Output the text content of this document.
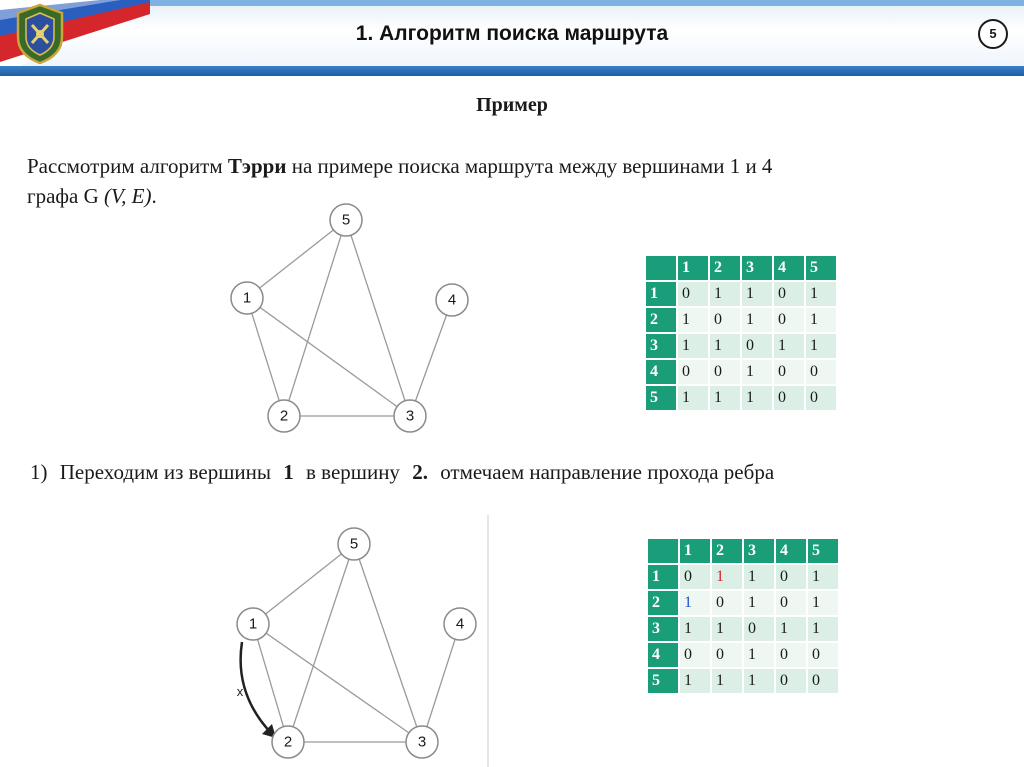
1. Алгоритм поиска маршрута	5
Пример
Рассмотрим алгоритм Тэрри на примере поиска маршрута между вершинами 1 и 4
графа G (V, E).
5
1	4
2	3
	1	2	3	4	5
1	0	1	1	0	1
2	1	0	1	0	1
3	1	1	0	1	1
4	0	0	1	0	0
5	1	1	1	0	0
1) Переходим из вершины 1 в вершину 2. отмечаем направление прохода ребра
x
5
1	4
2	3
	1	2	3	4	5
1	0	1	1	0	1
2	1	0	1	0	1
3	1	1	0	1	1
4	0	0	1	0	0
5	1	1	1	0	0
